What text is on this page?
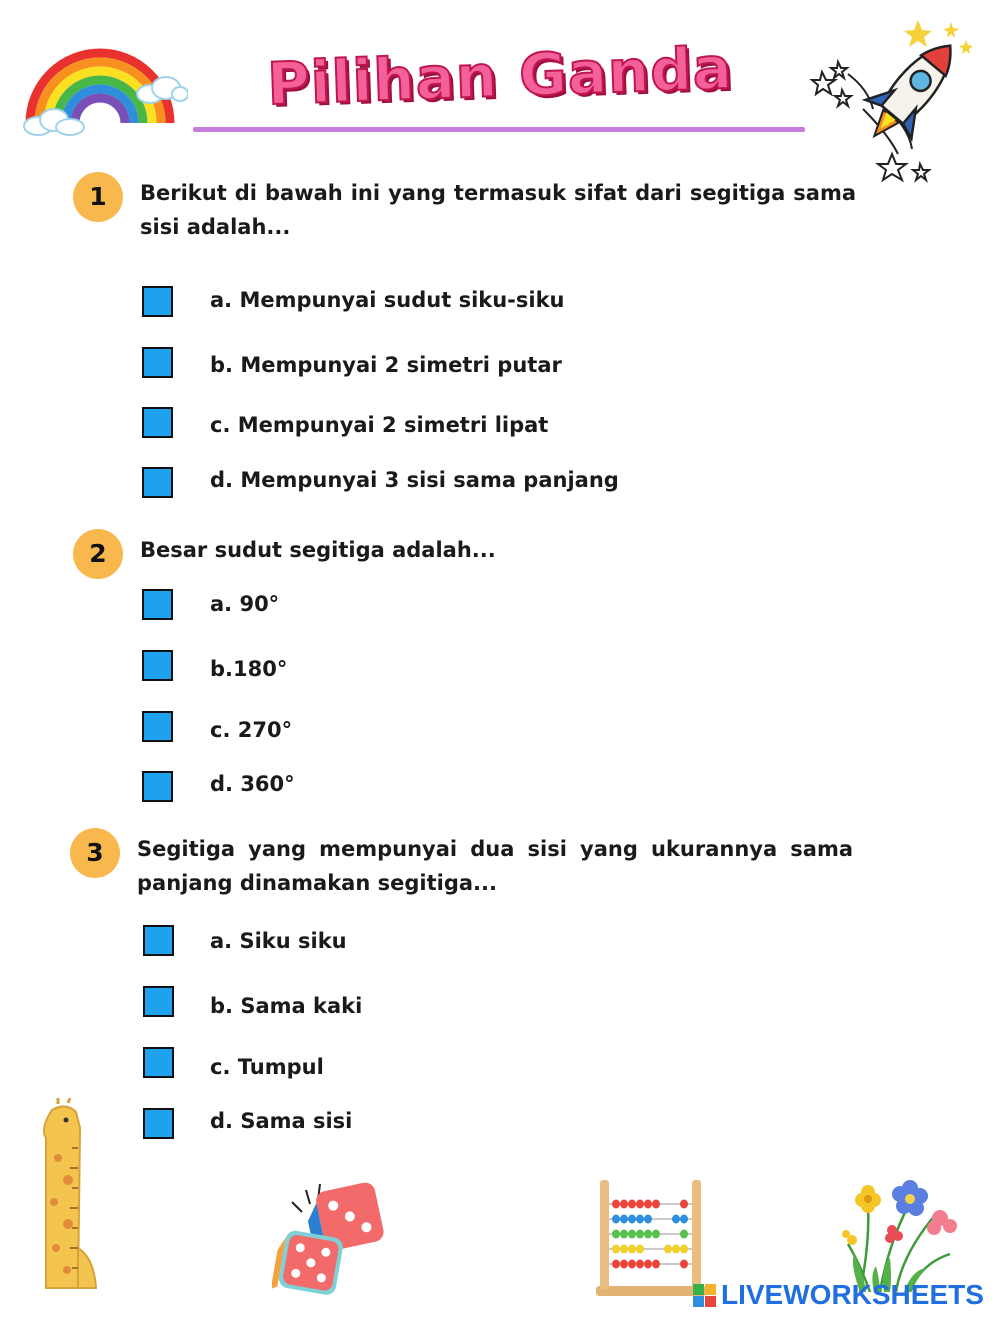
Pilihan Ganda
1	Berikut di bawah ini yang termasuk sifat dari segitiga sama sisi adalah...
a. Mempunyai sudut siku-siku
b. Mempunyai 2 simetri putar
c. Mempunyai 2 simetri lipat
d. Mempunyai 3 sisi sama panjang
2	Besar sudut segitiga adalah...
a. 90°
b.180°
c. 270°
d. 360°
3	Segitiga yang mempunyai dua sisi yang ukurannya sama panjang dinamakan segitiga...
a. Siku siku
b. Sama kaki
c. Tumpul
d. Sama sisi
LIVEWORKSHEETS
